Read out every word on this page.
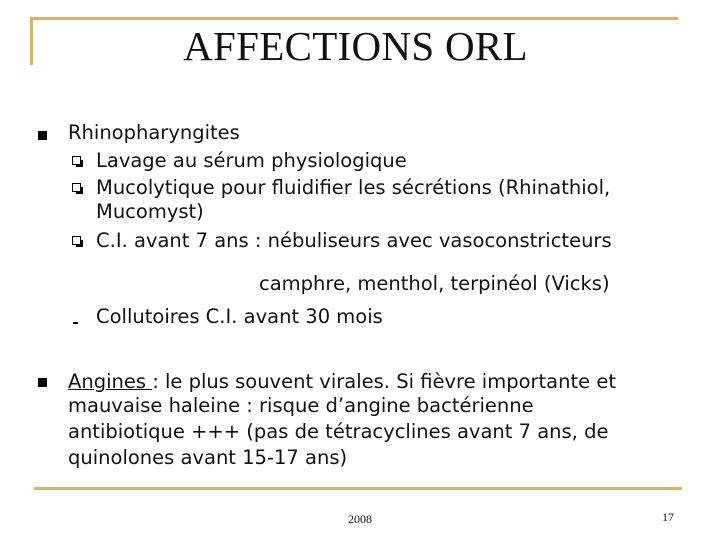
AFFECTIONS ORL
Rhinopharyngites
Lavage au sérum physiologique
Mucolytique pour fluidifier les sécrétions (Rhinathiol,
Mucomyst)
C.I. avant 7 ans : nébuliseurs avec vasoconstricteurs
camphre, menthol, terpinéol (Vicks)
Collutoires C.I. avant 30 mois
Angines : le plus souvent virales. Si fièvre importante et
mauvaise haleine : risque d’angine bactérienne
antibiotique +++ (pas de tétracyclines avant 7 ans, de
quinolones avant 15-17 ans)
2008	17
